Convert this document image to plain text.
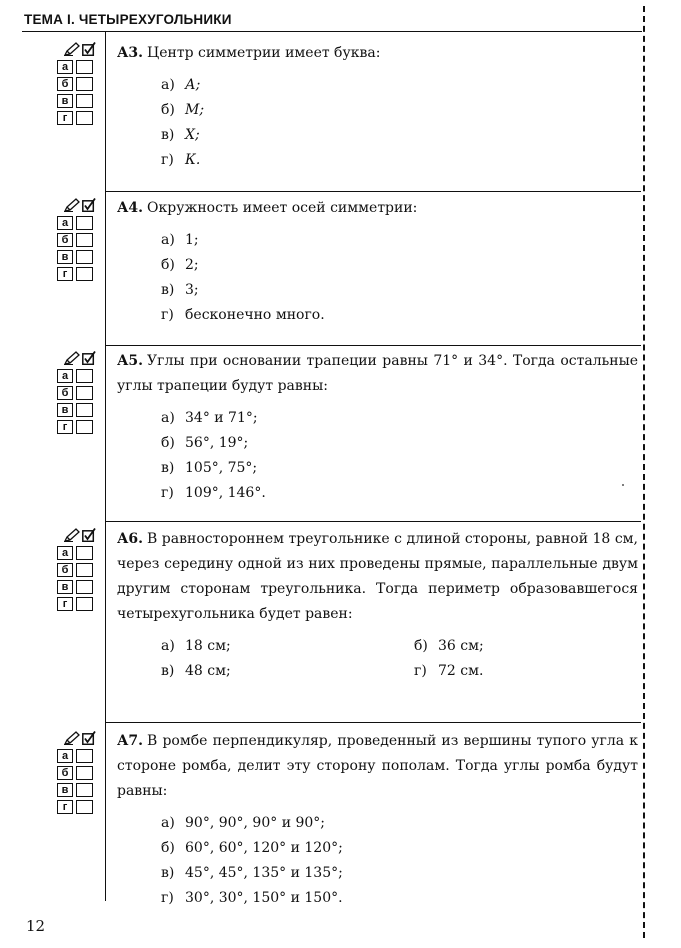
ТЕМА I. ЧЕТЫРЕХУГОЛЬНИКИ
а
б
в
г
а
б
в
г
а
б
в
г
а
б
в
г
а
б
в
г
А3. Центр симметрии имеет буква:
а) А;
б) М;
в) Х;
г) К.
А4. Окружность имеет осей симметрии:
а) 1;
б) 2;
в) 3;
г) бесконечно много.
А5. Углы при основании трапеции равны 71° и 34°. Тогда остальные углы трапеции будут равны:
а) 34° и 71°;
б) 56°, 19°;
в) 105°, 75°;
г) 109°, 146°.
А6. В равностороннем треугольнике с длиной стороны, равной 18 см, через середину одной из них проведены прямые, параллельные двум другим сторонам треугольника. Тогда периметр образовавшегося четырехугольника будет равен:
а) 18 см;	б) 36 см;
в) 48 см;	г) 72 см.
А7. В ромбе перпендикуляр, проведенный из вершины тупого угла к стороне ромба, делит эту сторону пополам. Тогда углы ромба будут равны:
а) 90°, 90°, 90° и 90°;
б) 60°, 60°, 120° и 120°;
в) 45°, 45°, 135° и 135°;
г) 30°, 30°, 150° и 150°.
12
